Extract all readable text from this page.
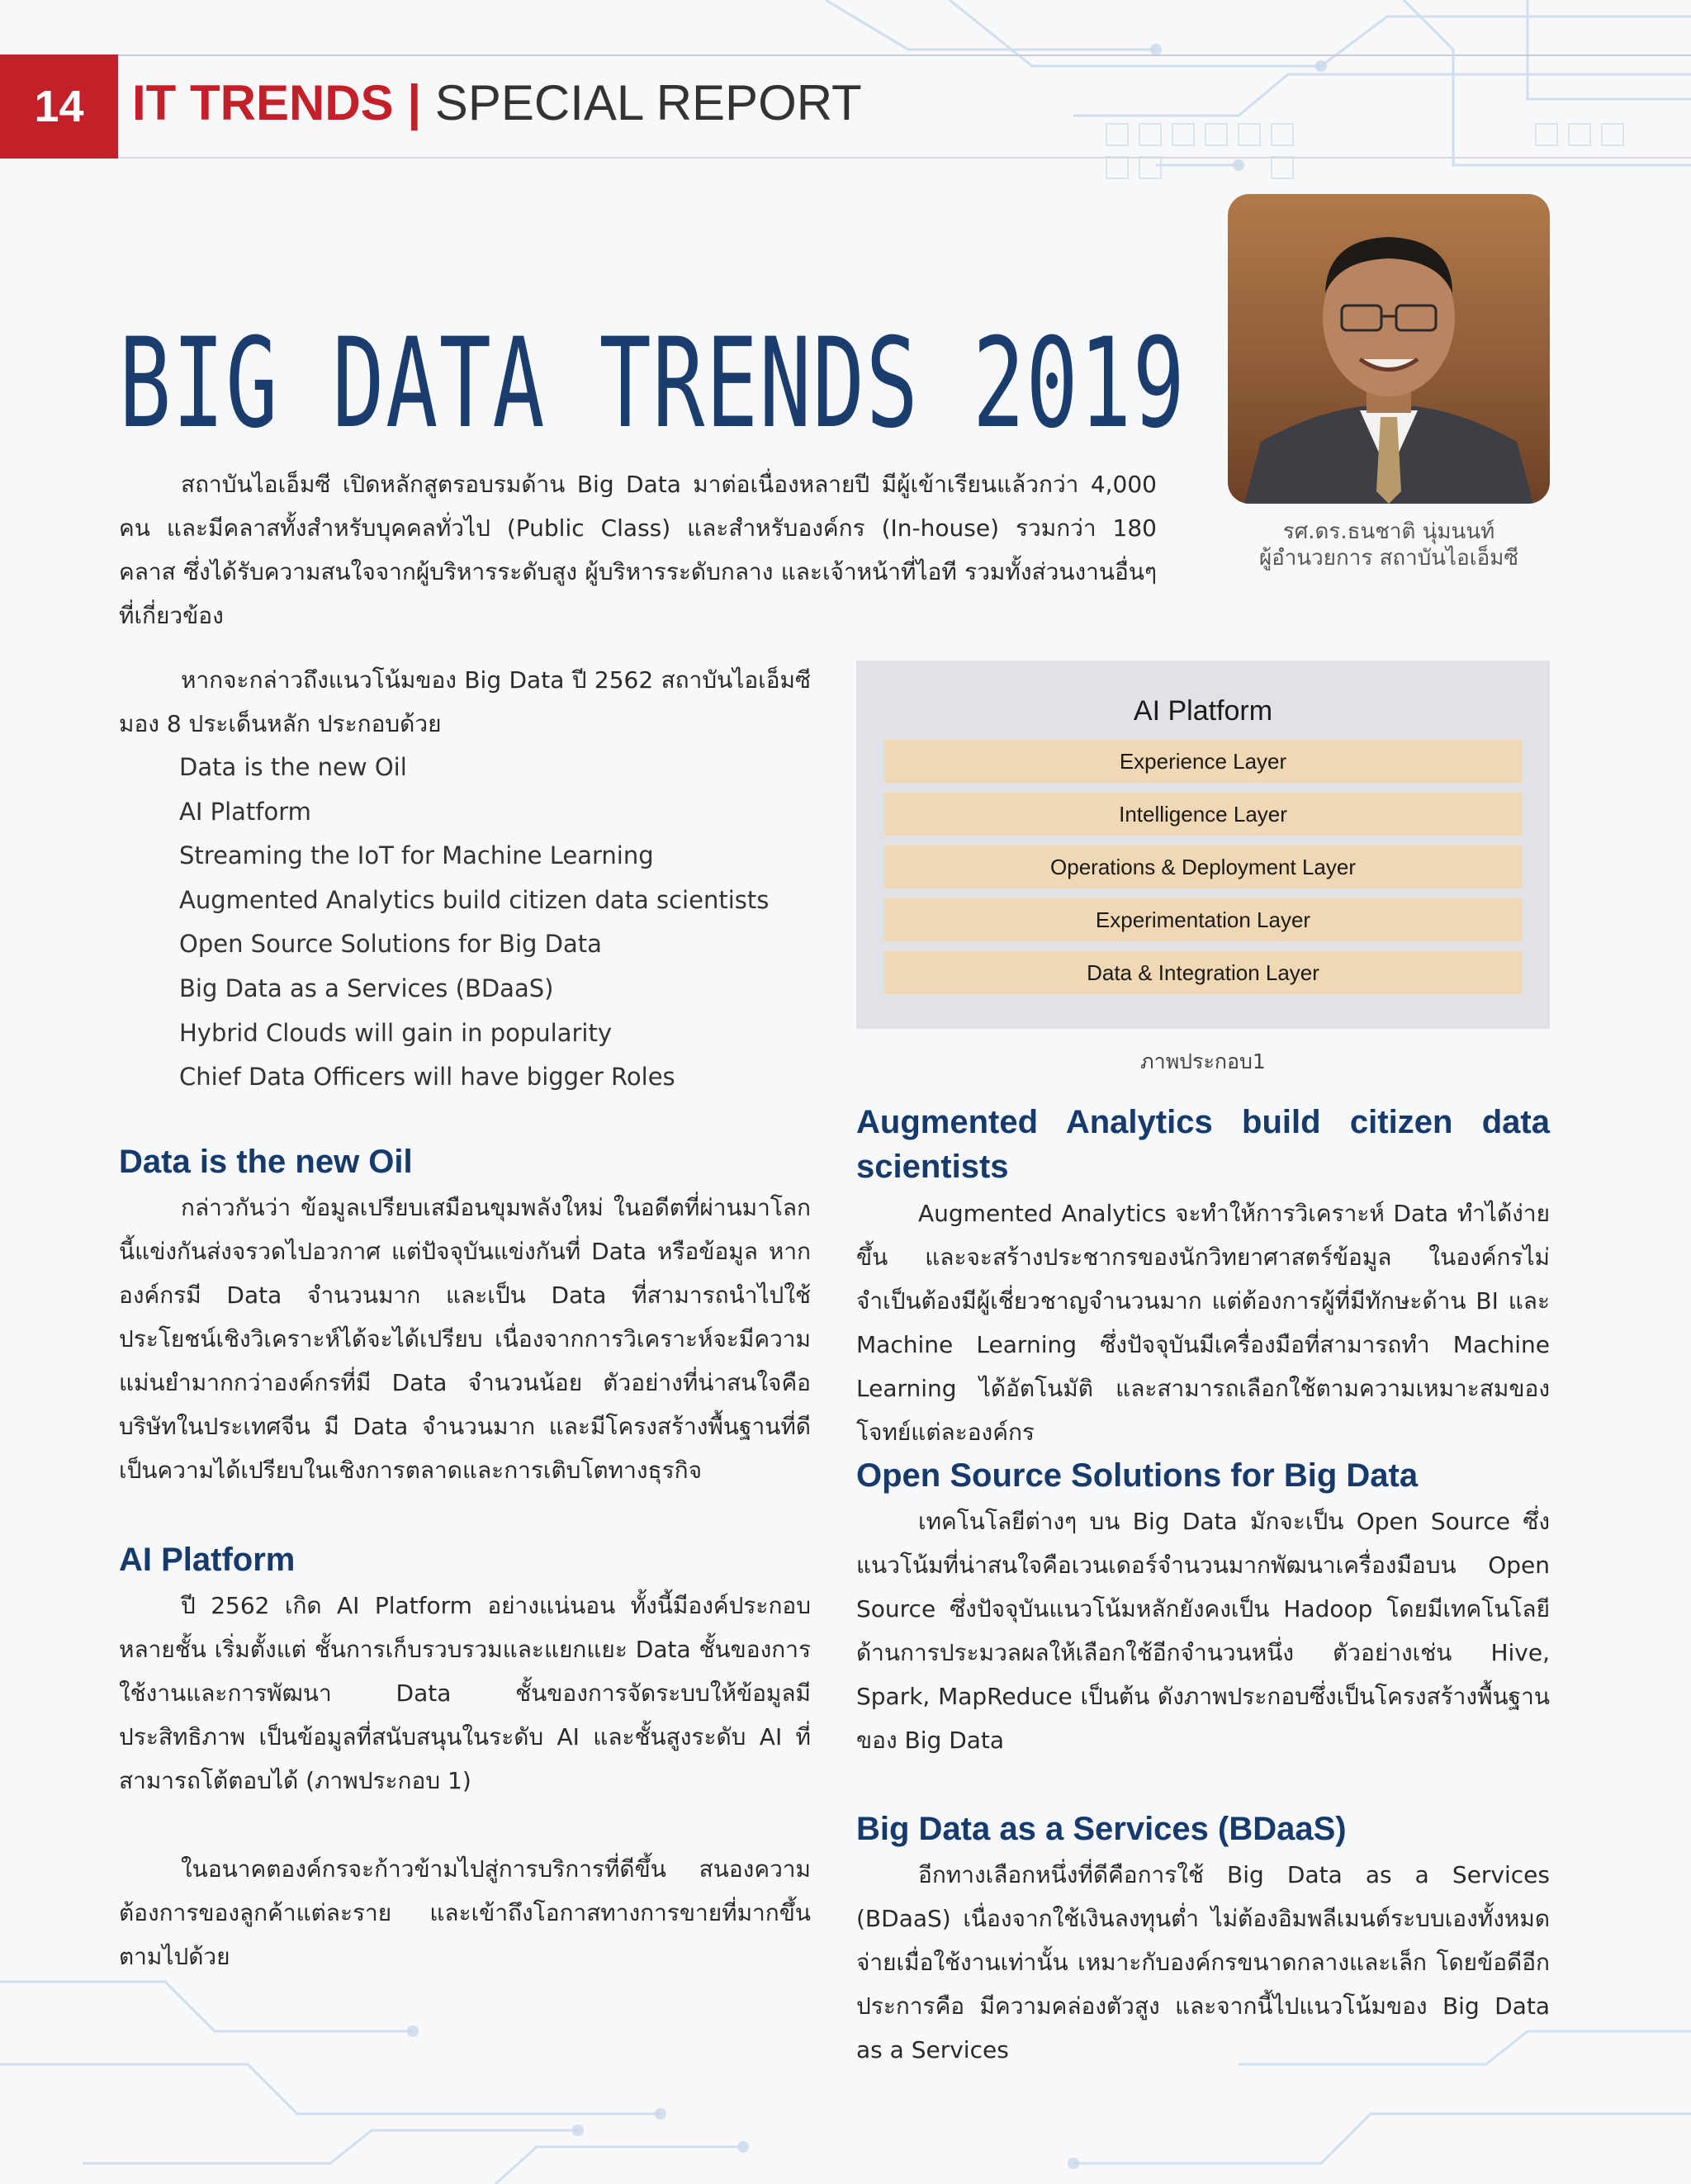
14 IT TRENDS | SPECIAL REPORT
BIG DATA TRENDS 2019
รศ.ดร.ธนชาติ นุ่มนนท์
ผู้อำนวยการ สถาบันไอเอ็มซี
สถาบันไอเอ็มซี เปิดหลักสูตรอบรมด้าน Big Data มาต่อเนื่องหลายปี มีผู้เข้าเรียนแล้วกว่า 4,000 คน และมีคลาสทั้งสำหรับบุคคลทั่วไป (Public Class) และสำหรับองค์กร (In-house) รวมกว่า 180 คลาส ซึ่งได้รับความสนใจจากผู้บริหารระดับสูง ผู้บริหารระดับกลาง และเจ้าหน้าที่ไอที รวมทั้งส่วนงานอื่นๆ ที่เกี่ยวข้อง
หากจะกล่าวถึงแนวโน้มของ Big Data ปี 2562 สถาบันไอเอ็มซี มอง 8 ประเด็นหลัก ประกอบด้วย
Data is the new Oil
AI Platform
Streaming the IoT for Machine Learning
Augmented Analytics build citizen data scientists
Open Source Solutions for Big Data
Big Data as a Services (BDaaS)
Hybrid Clouds will gain in popularity
Chief Data Officers will have bigger Roles
Data is the new Oil
กล่าวกันว่า ข้อมูลเปรียบเสมือนขุมพลังใหม่ ในอดีตที่ผ่านมาโลกนี้แข่งกันส่งจรวดไปอวกาศ แต่ปัจจุบันแข่งกันที่ Data หรือข้อมูล หากองค์กรมี Data จำนวนมาก และเป็น Data ที่สามารถนำไปใช้ประโยชน์เชิงวิเคราะห์ได้จะได้เปรียบ เนื่องจากการวิเคราะห์จะมีความแม่นยำมากกว่าองค์กรที่มี Data จำนวนน้อย ตัวอย่างที่น่าสนใจคือ บริษัทในประเทศจีน มี Data จำนวนมาก และมีโครงสร้างพื้นฐานที่ดี เป็นความได้เปรียบในเชิงการตลาดและการเติบโตทางธุรกิจ
AI Platform
ปี 2562 เกิด AI Platform อย่างแน่นอน ทั้งนี้มีองค์ประกอบหลายชั้น เริ่มตั้งแต่ ชั้นการเก็บรวบรวมและแยกแยะ Data ชั้นของการใช้งานและการพัฒนา Data ชั้นของการจัดระบบให้ข้อมูลมีประสิทธิภาพ เป็นข้อมูลที่สนับสนุนในระดับ AI และชั้นสูงระดับ AI ที่สามารถโต้ตอบได้ (ภาพประกอบ 1)
ในอนาคตองค์กรจะก้าวข้ามไปสู่การบริการที่ดีขึ้น สนองความต้องการของลูกค้าแต่ละราย และเข้าถึงโอกาสทางการขายที่มากขึ้นตามไปด้วย
AI Platform
Experience Layer
Intelligence Layer
Operations & Deployment Layer
Experimentation Layer
Data & Integration Layer
ภาพประกอบ1
Augmented Analytics build citizen data scientists
Augmented Analytics จะทำให้การวิเคราะห์ Data ทำได้ง่ายขึ้น และจะสร้างประชากรของนักวิทยาศาสตร์ข้อมูล ในองค์กรไม่จำเป็นต้องมีผู้เชี่ยวชาญจำนวนมาก แต่ต้องการผู้ที่มีทักษะด้าน BI และ Machine Learning ซึ่งปัจจุบันมีเครื่องมือที่สามารถทำ Machine Learning ได้อัตโนมัติ และสามารถเลือกใช้ตามความเหมาะสมของโจทย์แต่ละองค์กร
Open Source Solutions for Big Data
เทคโนโลยีต่างๆ บน Big Data มักจะเป็น Open Source ซึ่งแนวโน้มที่น่าสนใจคือเวนเดอร์จำนวนมากพัฒนาเครื่องมือบน Open Source ซึ่งปัจจุบันแนวโน้มหลักยังคงเป็น Hadoop โดยมีเทคโนโลยีด้านการประมวลผลให้เลือกใช้อีกจำนวนหนึ่ง ตัวอย่างเช่น Hive, Spark, MapReduce เป็นต้น ดังภาพประกอบซึ่งเป็นโครงสร้างพื้นฐานของ Big Data
Big Data as a Services (BDaaS)
อีกทางเลือกหนึ่งที่ดีคือการใช้ Big Data as a Services (BDaaS) เนื่องจากใช้เงินลงทุนต่ำ ไม่ต้องอิมพลีเมนต์ระบบเองทั้งหมด จ่ายเมื่อใช้งานเท่านั้น เหมาะกับองค์กรขนาดกลางและเล็ก โดยข้อดีอีกประการคือ มีความคล่องตัวสูง และจากนี้ไปแนวโน้มของ Big Data as a Services
